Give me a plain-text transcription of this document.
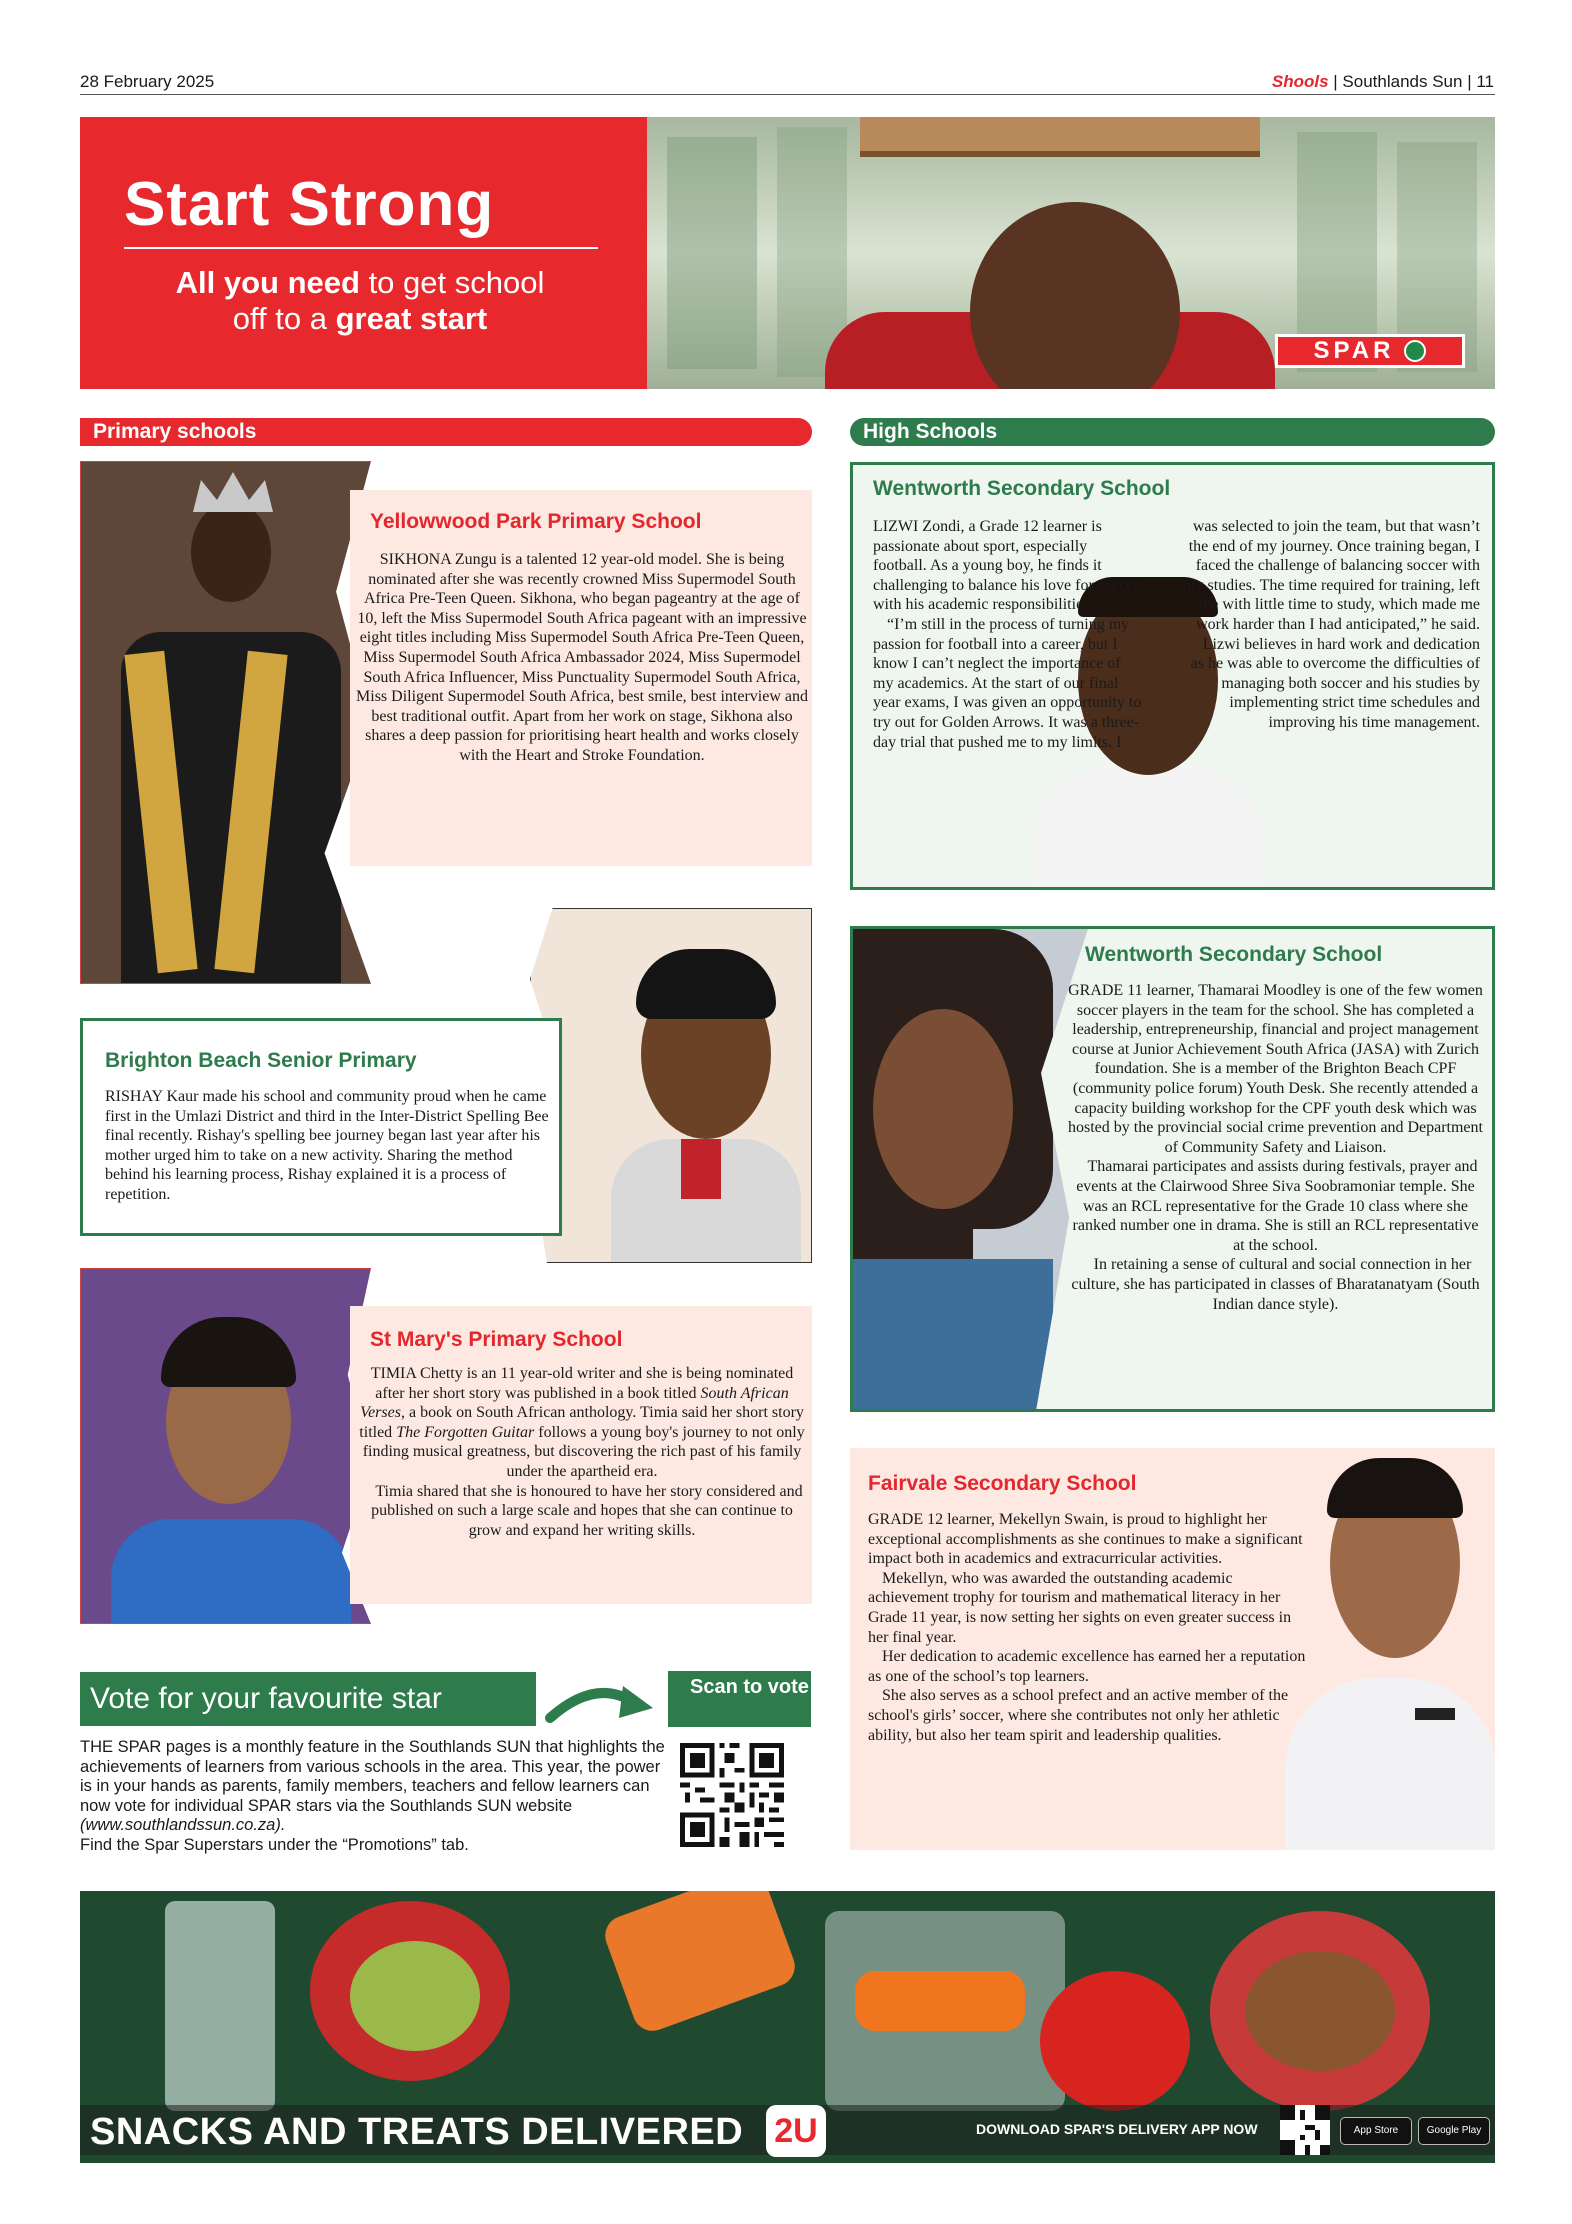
28 February 2025	Shools | Southlands Sun | 11
Start Strong
All you need to get school
off to a great start
SPAR
Primary schools	High Schools
Yellowwood Park Primary School
SIKHONA Zungu is a talented 12 year-old model. She is being nominated after she was recently crowned Miss Supermodel South Africa Pre-Teen Queen. Sikhona, who began pageantry at the age of 10, left the Miss Supermodel South Africa pageant with an impressive eight titles including Miss Supermodel South Africa Pre-Teen Queen, Miss Supermodel South Africa Ambassador 2024, Miss Supermodel South Africa Influencer, Miss Punctuality Supermodel South Africa, Miss Diligent Supermodel South Africa, best smile, best interview and best traditional outfit. Apart from her work on stage, Sikhona also shares a deep passion for prioritising heart health and works closely with the Heart and Stroke Foundation.
Brighton Beach Senior Primary
RISHAY Kaur made his school and community proud when he came first in the Umlazi District and third in the Inter-District Spelling Bee final recently. Rishay's spelling bee journey began last year after his mother urged him to take on a new activity. Sharing the method behind his learning process, Rishay explained it is a process of repetition.
St Mary's Primary School

TIMIA Chetty is an 11 year-old writer and she is being nominated after her short story was published in a book titled South African Verses, a book on South African anthology. Timia said her short story titled The Forgotten Guitar follows a young boy's journey to not only finding musical greatness, but discovering the rich past of his family under the apartheid era.

Timia shared that she is honoured to have her story considered and published on such a large scale and hopes that she can continue to grow and expand her writing skills.

Vote for your favourite star	Scan to vote
THE SPAR pages is a monthly feature in the Southlands SUN that highlights the achievements of learners from various schools in the area. This year, the power is in your hands as parents, family members, teachers and fellow learners can now vote for individual SPAR stars via the Southlands SUN website (www.southlandssun.co.za).
Find the Spar Superstars under the “Promotions” tab.
Wentworth Secondary School

LIZWI Zondi, a Grade 12 learner is passionate about sport, especially football. As a young boy, he finds it challenging to balance his love for soccer with his academic responsibilities.

“I’m still in the process of turning my passion for football into a career, but I know I can’t neglect the importance of my academics. At the start of our final year exams, I was given an opportunity to try out for Golden Arrows. It was a three-day trial that pushed me to my limits. I

was selected to join the team, but that wasn’t the end of my journey. Once training began, I faced the challenge of balancing soccer with my studies. The time required for training, left me with little time to study, which made me work harder than I had anticipated,” he said.

Lizwi believes in hard work and dedication as he was able to overcome the difficulties of managing both soccer and his studies by implementing strict time schedules and improving his time management.

Wentworth Secondary School

GRADE 11 learner, Thamarai Moodley is one of the few women soccer players in the team for the school. She has completed a leadership, entrepreneurship, financial and project management course at Junior Achievement South Africa (JASA) with Zurich foundation. She is a member of the Brighton Beach CPF (community police forum) Youth Desk. She recently attended a capacity building workshop for the CPF youth desk which was hosted by the provincial social crime prevention and Department of Community Safety and Liaison.

Thamarai participates and assists during festivals, prayer and events at the Clairwood Shree Siva Soobramoniar temple. She was an RCL representative for the Grade 10 class where she ranked number one in drama. She is still an RCL representative at the school.

In retaining a sense of cultural and social connection in her culture, she has participated in classes of Bharatanatyam (South Indian dance style).

Fairvale Secondary School

GRADE 12 learner, Mekellyn Swain, is proud to highlight her exceptional accomplishments as she continues to make a significant impact both in academics and extracurricular activities.

Mekellyn, who was awarded the outstanding academic achievement trophy for tourism and mathematical literacy in her Grade 11 year, is now setting her sights on even greater success in her final year.

Her dedication to academic excellence has earned her a reputation as one of the school’s top learners.

She also serves as a school prefect and an active member of the school's girls’ soccer, where she contributes not only her athletic ability, but also her team spirit and leadership qualities.

SNACKS AND TREATS DELIVERED 2U	DOWNLOAD SPAR'S DELIVERY APP NOW	App Store	Google Play
